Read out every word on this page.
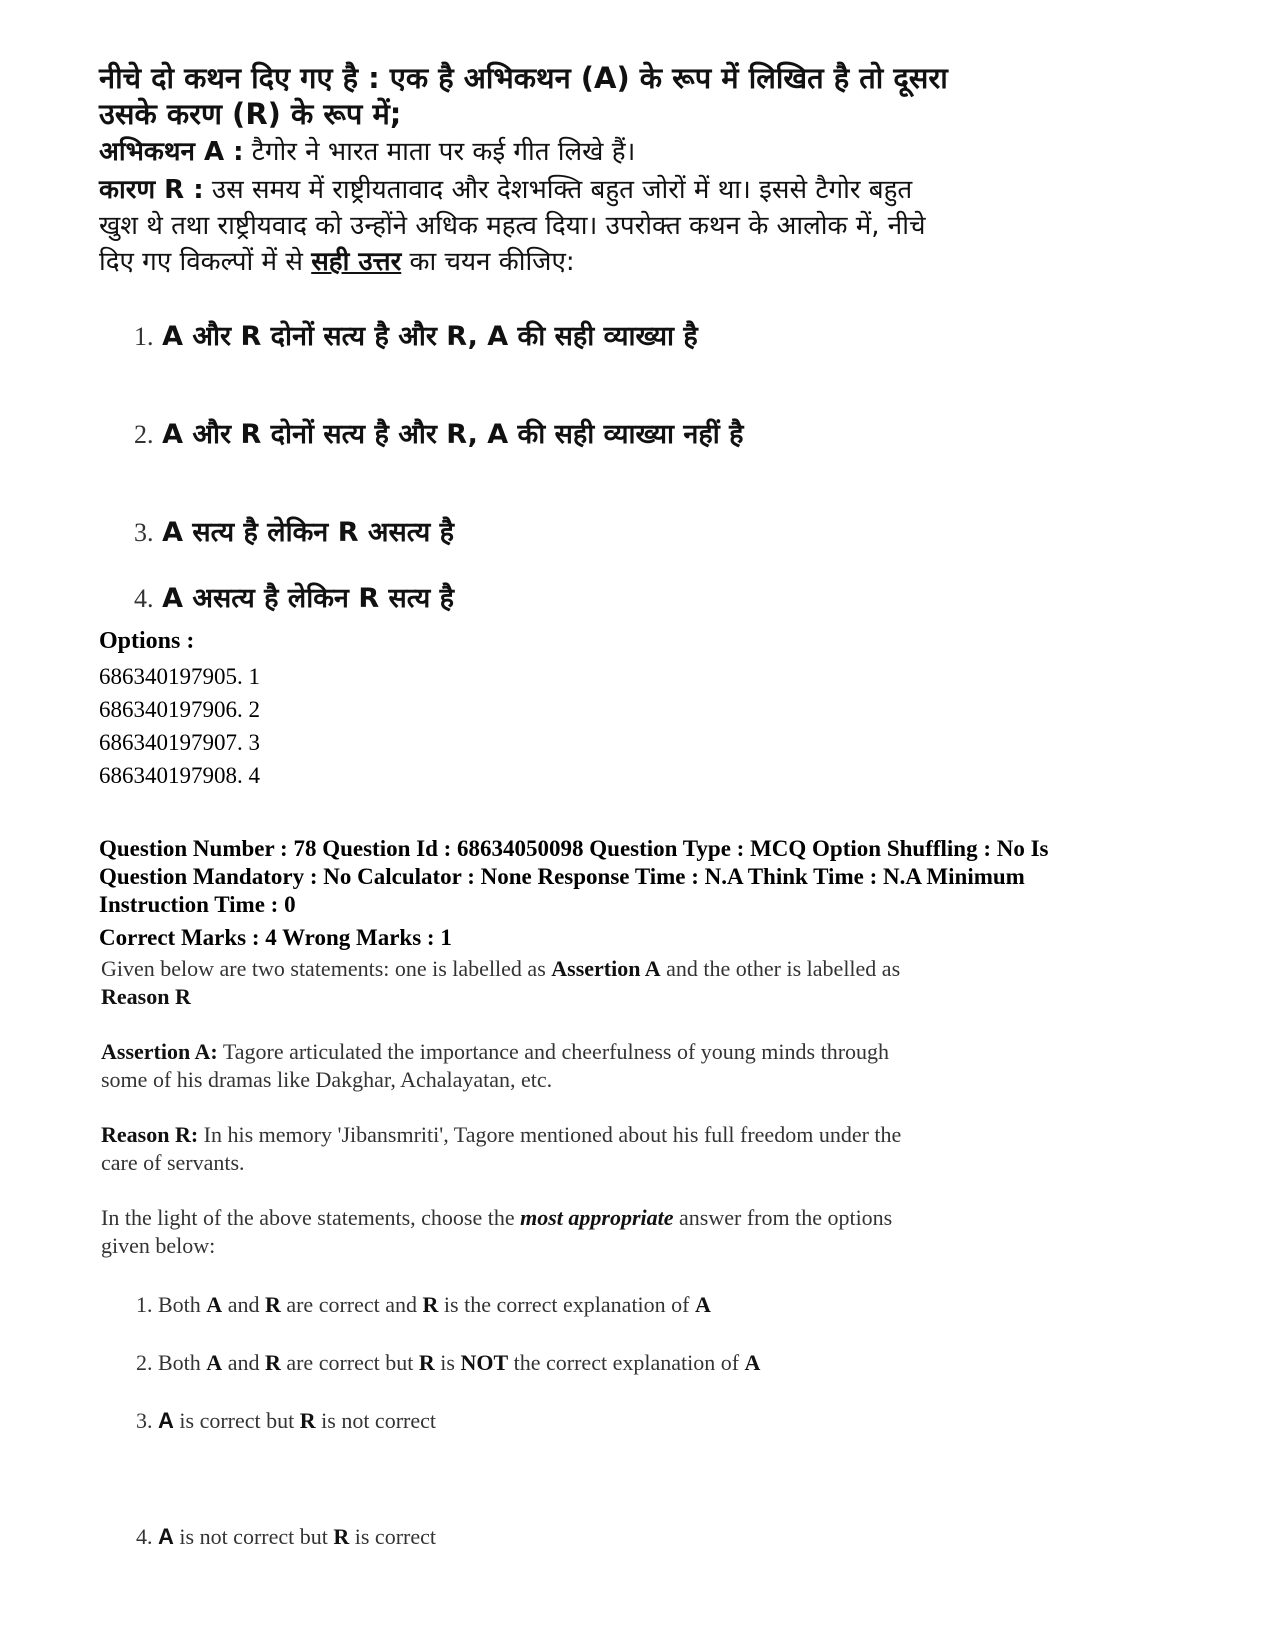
नीचे दो कथन दिए गए है : एक है अभिकथन (A) के रूप में लिखित है तो दूसरा
उसके करण (R) के रूप में;
अभिकथन A : टैगोर ने भारत माता पर कई गीत लिखे हैं।
कारण R : उस समय में राष्ट्रीयतावाद और देशभक्ति बहुत जोरों में था। इससे टैगोर बहुत
खुश थे तथा राष्ट्रीयवाद को उन्होंने अधिक महत्व दिया। उपरोक्त कथन के आलोक में, नीचे
दिए गए विकल्पों में से सही उत्तर का चयन कीजिए:
1. A और R दोनों सत्य है और R, A की सही व्याख्या है
2. A और R दोनों सत्य है और R, A की सही व्याख्या नहीं है
3. A सत्य है लेकिन R असत्य है
4. A असत्य है लेकिन R सत्य है
Options :
686340197905. 1
686340197906. 2
686340197907. 3
686340197908. 4
Question Number : 78 Question Id : 68634050098 Question Type : MCQ Option Shuffling : No Is
Question Mandatory : No Calculator : None Response Time : N.A Think Time : N.A Minimum
Instruction Time : 0
Correct Marks : 4 Wrong Marks : 1
Given below are two statements: one is labelled as Assertion A and the other is labelled as
Reason R
Assertion A: Tagore articulated the importance and cheerfulness of young minds through
some of his dramas like Dakghar, Achalayatan, etc.
Reason R: In his memory 'Jibansmriti', Tagore mentioned about his full freedom under the
care of servants.
In the light of the above statements, choose the most appropriate answer from the options
given below:
1. Both A and R are correct and R is the correct explanation of A
2. Both A and R are correct but R is NOT the correct explanation of A
3. A is correct but R is not correct
4. A is not correct but R is correct
